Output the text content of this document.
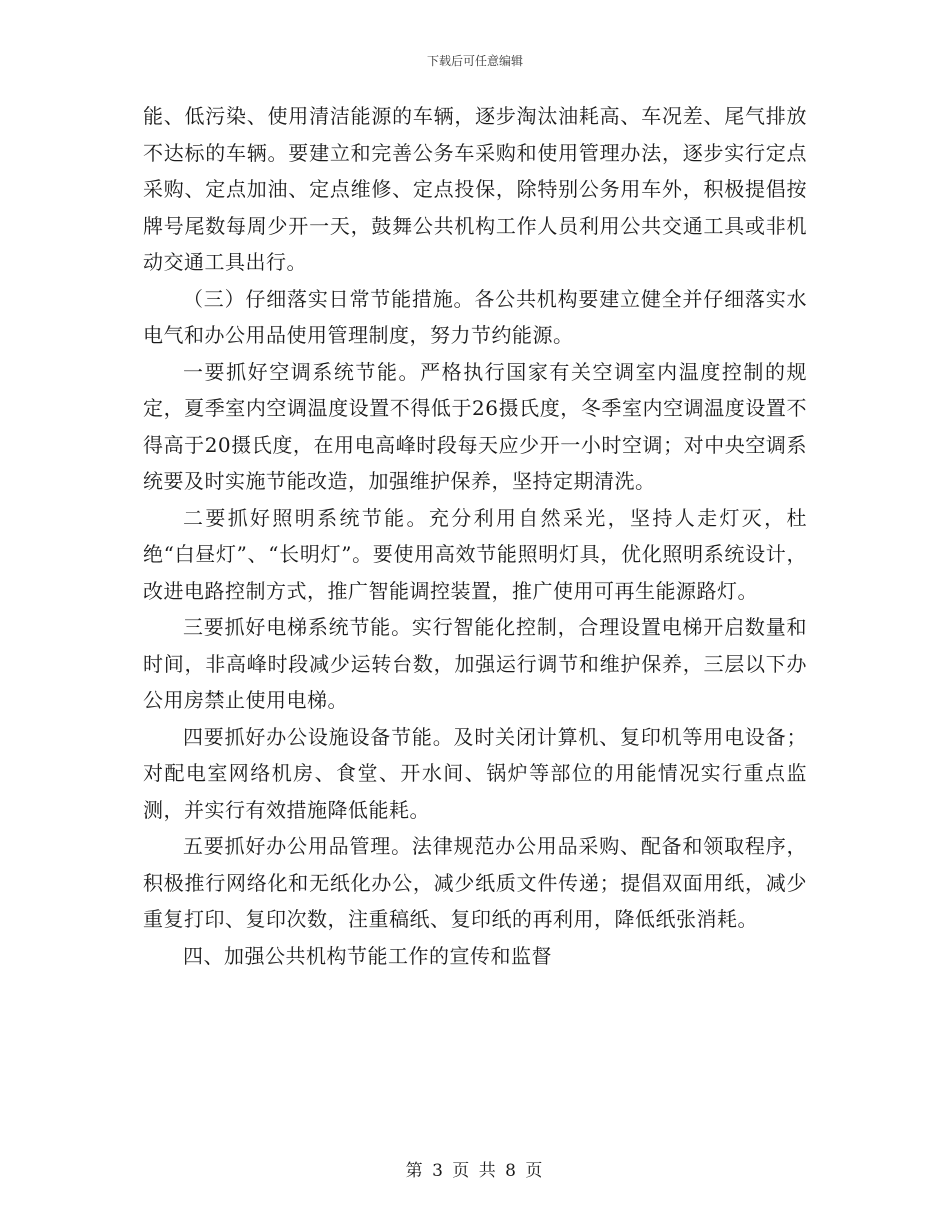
下载后可任意编辑

能、低污染、使用清洁能源的车辆，逐步淘汰油耗高、车况差、尾气排放不达标的车辆。要建立和完善公务车采购和使用管理办法，逐步实行定点采购、定点加油、定点维修、定点投保，除特别公务用车外，积极提倡按牌号尾数每周少开一天，鼓舞公共机构工作人员利用公共交通工具或非机动交通工具出行。

（三）仔细落实日常节能措施。各公共机构要建立健全并仔细落实水电气和办公用品使用管理制度，努力节约能源。

一要抓好空调系统节能。严格执行国家有关空调室内温度控制的规定，夏季室内空调温度设置不得低于26摄氏度，冬季室内空调温度设置不得高于20摄氏度，在用电高峰时段每天应少开一小时空调；对中央空调系统要及时实施节能改造，加强维护保养，坚持定期清洗。

二要抓好照明系统节能。充分利用自然采光，坚持人走灯灭，杜绝“白昼灯”、“长明灯”。要使用高效节能照明灯具，优化照明系统设计，改进电路控制方式，推广智能调控装置，推广使用可再生能源路灯。

三要抓好电梯系统节能。实行智能化控制，合理设置电梯开启数量和时间，非高峰时段减少运转台数，加强运行调节和维护保养，三层以下办公用房禁止使用电梯。

四要抓好办公设施设备节能。及时关闭计算机、复印机等用电设备；对配电室网络机房、食堂、开水间、锅炉等部位的用能情况实行重点监测，并实行有效措施降低能耗。

五要抓好办公用品管理。法律规范办公用品采购、配备和领取程序，积极推行网络化和无纸化办公，减少纸质文件传递；提倡双面用纸，减少重复打印、复印次数，注重稿纸、复印纸的再利用，降低纸张消耗。

四、加强公共机构节能工作的宣传和监督

第 3 页 共 8 页
